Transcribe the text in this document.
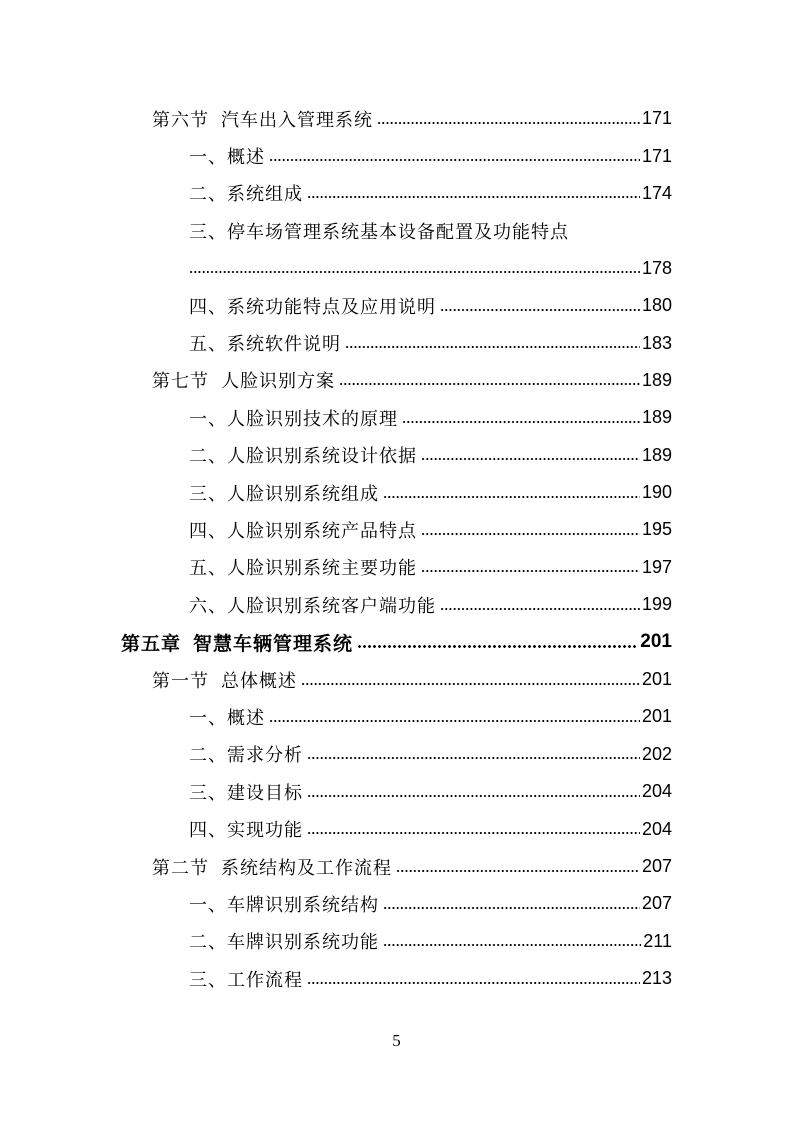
第六节 汽车出入管理系统	171
一、概述	171
二、系统组成	174
三、停车场管理系统基本设备配置及功能特点
178
四、系统功能特点及应用说明	180
五、系统软件说明	183
第七节 人脸识别方案	189
一、人脸识别技术的原理	189
二、人脸识别系统设计依据	189
三、人脸识别系统组成	190
四、人脸识别系统产品特点	195
五、人脸识别系统主要功能	197
六、人脸识别系统客户端功能	199
第五章 智慧车辆管理系统	201
第一节 总体概述	201
一、概述	201
二、需求分析	202
三、建设目标	204
四、实现功能	204
第二节 系统结构及工作流程	207
一、车牌识别系统结构	207
二、车牌识别系统功能	211
三、工作流程	213
5
